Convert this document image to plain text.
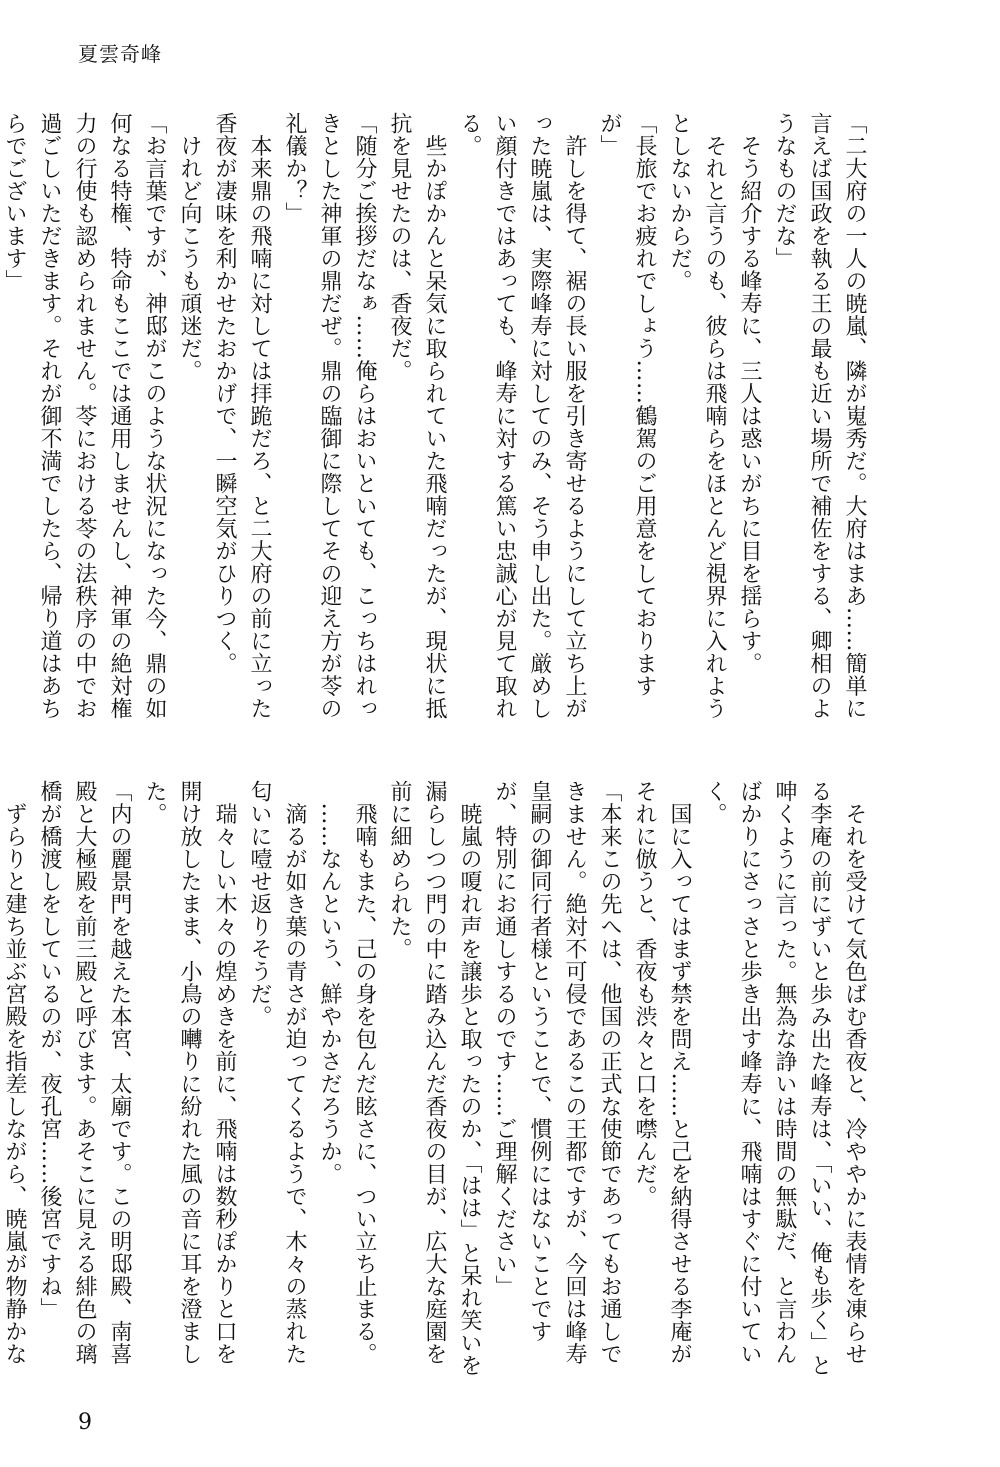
夏雲奇峰

「二大府の一人の暁嵐、隣が嵬秀だ。大府はまあ……簡単に言えば国政を執る王の最も近い場所で補佐をする、卿相のようなものだな」

　そう紹介する峰寿に、三人は惑いがちに目を揺らす。

　それと言うのも、彼らは飛喃らをほとんど視界に入れようとしないからだ。

「長旅でお疲れでしょう……鶴駕のご用意をしておりますが」

　許しを得て、裾の長い服を引き寄せるようにして立ち上がった暁嵐は、実際峰寿に対してのみ、そう申し出た。厳めしい顔付きではあっても、峰寿に対する篤い忠誠心が見て取れる。

　些かぽかんと呆気に取られていた飛喃だったが、現状に抵抗を見せたのは、香夜だ。

「随分ご挨拶だなぁ……俺らはおいといても、こっちはれっきとした神軍の鼎だぜ。鼎の臨御に際してその迎え方が苓の礼儀か？」

　本来鼎の飛喃に対しては拝跪だろ、と二大府の前に立った香夜が凄味を利かせたおかげで、一瞬空気がひりつく。

　けれど向こうも頑迷だ。

「お言葉ですが、神邸がこのような状況になった今、鼎の如何なる特権、特命もここでは通用しませんし、神軍の絶対権力の行使も認められません。苓における苓の法秩序の中でお過ごしいただきます。それが御不満でしたら、帰り道はあちらでございます」

　それを受けて気色ばむ香夜と、冷ややかに表情を凍らせる李庵の前にずいと歩み出た峰寿は、「いい、俺も歩く」と呻くように言った。無為な諍いは時間の無駄だ、と言わんばかりにさっさと歩き出す峰寿に、飛喃はすぐに付いていく。

　国に入ってはまず禁を問え……と己を納得させる李庵がそれに倣うと、香夜も渋々と口を噤んだ。

「本来この先へは、他国の正式な使節であってもお通しできません。絶対不可侵であるこの王都ですが、今回は峰寿皇嗣の御同行者様ということで、慣例にはないことですが、特別にお通しするのです……ご理解ください」

　暁嵐の嗄れ声を譲歩と取ったのか、「はは」と呆れ笑いを漏らしつつ門の中に踏み込んだ香夜の目が、広大な庭園を前に細められた。

　飛喃もまた、己の身を包んだ眩さに、つい立ち止まる。

　……なんという、鮮やかさだろうか。

　滴るが如き葉の青さが迫ってくるようで、木々の蒸れた匂いに噎せ返りそうだ。

　瑞々しい木々の煌めきを前に、飛喃は数秒ぽかりと口を開け放したまま、小鳥の囀りに紛れた風の音に耳を澄ました。

「内の麗景門を越えた本宮、太廟です。この明邸殿、南喜殿と大極殿を前三殿と呼びます。あそこに見える緋色の璃橋が橋渡しをしているのが、夜孔宮……後宮ですね」

　ずらりと建ち並ぶ宮殿を指差しながら、暁嵐が物静かな

9
